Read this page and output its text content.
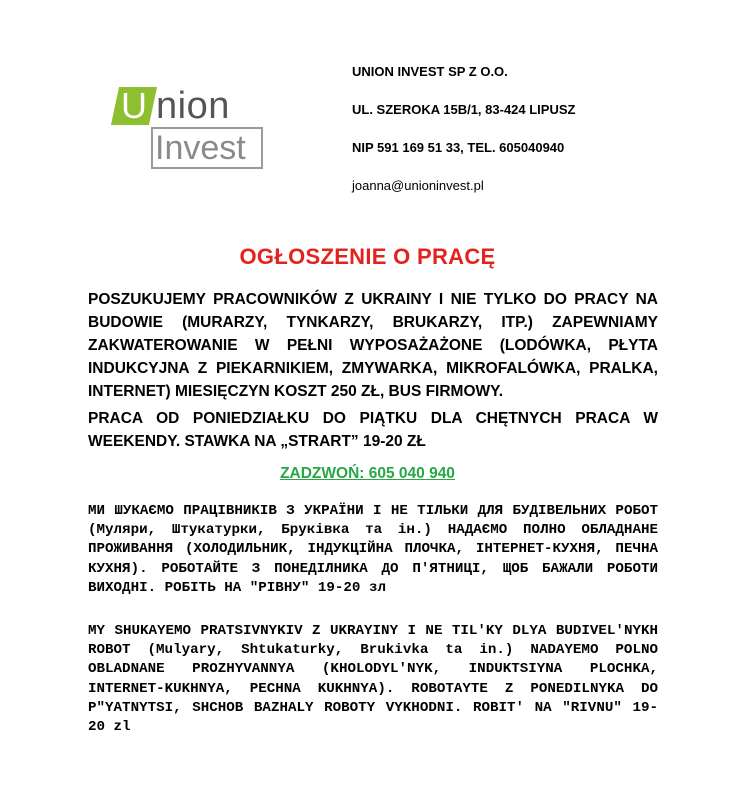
U nion
Invest
UNION INVEST SP Z O.O.
UL. SZEROKA 15B/1, 83-424 LIPUSZ
NIP 591 169 51 33, TEL. 605040940
joanna@unioninvest.pl
OGŁOSZENIE O PRACĘ

POSZUKUJEMY PRACOWNIKÓW Z UKRAINY I NIE TYLKO DO PRACY NA BUDOWIE (MURARZY, TYNKARZY, BRUKARZY, ITP.) ZAPEWNIAMY ZAKWATEROWANIE W PEŁNI WYPOSAŻAŻONE (LODÓWKA, PŁYTA INDUKCYJNA Z PIEKARNIKIEM, ZMYWARKA, MIKROFALÓWKA, PRALKA, INTERNET) MIESIĘCZYN KOSZT 250 ZŁ, BUS FIRMOWY.

PRACA OD PONIEDZIAŁKU DO PIĄTKU DLA CHĘTNYCH PRACA W WEEKENDY. STAWKA NA „STRART” 19-20 ZŁ

ZADZWOŃ: 605 040 940

МИ ШУКАЄМО ПРАЦІВНИКІВ З УКРАЇНИ І НЕ ТІЛЬКИ ДЛЯ БУДІВЕЛЬНИХ РОБОТ (Муляри, Штукатурки, Бруківка та ін.) НАДАЄМО ПОЛНО ОБЛАДНАНЕ ПРОЖИВАННЯ (ХОЛОДИЛЬНИК, ІНДУКЦІЙНА ПЛОЧКА, ІНТЕРНЕТ-КУХНЯ, ПЕЧНА КУХНЯ). РОБОТАЙТЕ З ПОНЕДІЛНИКА ДО П'ЯТНИЦІ, ЩОБ БАЖАЛИ РОБОТИ ВИХОДНІ. РОБІТЬ НА "РІВНУ" 19-20 зл

MY SHUKAYEMO PRATSIVNYKIV Z UKRAYINY I NE TIL'KY DLYA BUDIVEL'NYKH ROBOT (Mulyary, Shtukaturky, Brukivka ta in.) NADAYEMO POLNO OBLADNANE PROZHYVANNYA (KHOLODYL'NYK, INDUKTSIYNA PLOCHKA, INTERNET-KUKHNYA, PECHNA KUKHNYA). ROBOTAYTE Z PONEDILNYKA DO P"YATNYTSI, SHCHOB BAZHALY ROBOTY VYKHODNI. ROBIT' NA "RIVNU" 19-20 zl
